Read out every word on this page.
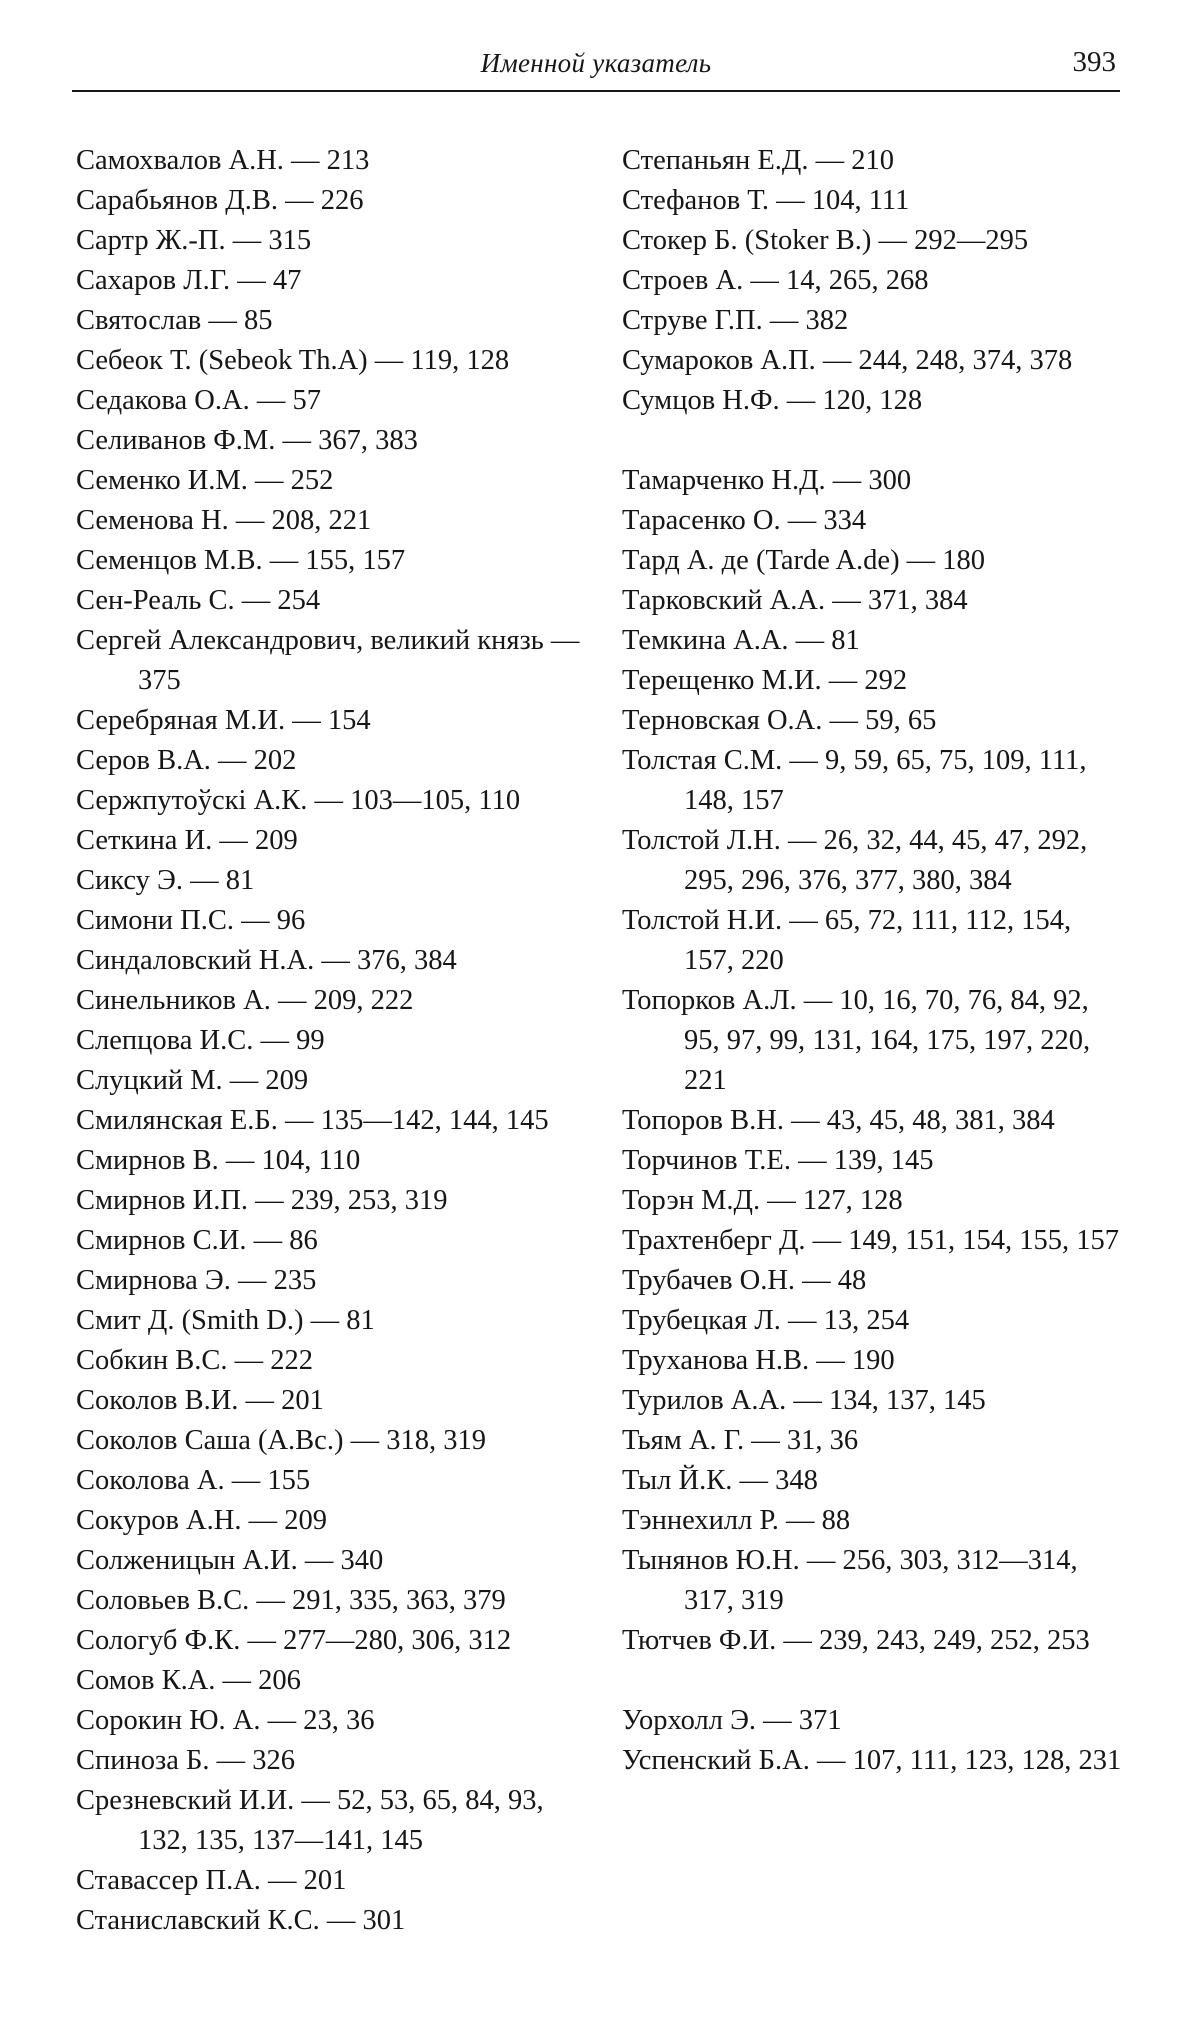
Именной указатель	393
Самохвалов А.Н. — 213
Сарабьянов Д.В. — 226
Сартр Ж.-П. — 315
Сахаров Л.Г. — 47
Святослав — 85
Себеок Т. (Sebeok Th.A) — 119, 128
Седакова О.А. — 57
Селиванов Ф.М. — 367, 383
Семенко И.М. — 252
Семенова Н. — 208, 221
Семенцов М.В. — 155, 157
Сен-Реаль С. — 254
Сергей Александрович, великий князь — 375
Серебряная М.И. — 154
Серов В.А. — 202
Сержпутоўскі А.К. — 103—105, 110
Сеткина И. — 209
Сиксу Э. — 81
Симони П.С. — 96
Синдаловский Н.А. — 376, 384
Синельников А. — 209, 222
Слепцова И.С. — 99
Слуцкий М. — 209
Смилянская Е.Б. — 135—142, 144, 145
Смирнов В. — 104, 110
Смирнов И.П. — 239, 253, 319
Смирнов С.И. — 86
Смирнова Э. — 235
Смит Д. (Smith D.) — 81
Собкин В.С. — 222
Соколов В.И. — 201
Соколов Саша (А.Вс.) — 318, 319
Соколова А. — 155
Сокуров А.Н. — 209
Солженицын А.И. — 340
Соловьев В.С. — 291, 335, 363, 379
Сологуб Ф.К. — 277—280, 306, 312
Сомов К.А. — 206
Сорокин Ю. А. — 23, 36
Спиноза Б. — 326
Срезневский И.И. — 52, 53, 65, 84, 93, 132, 135, 137—141, 145
Ставассер П.А. — 201
Станиславский К.С. — 301
Степаньян Е.Д. — 210
Стефанов Т. — 104, 111
Стокер Б. (Stoker B.) — 292—295
Строев А. — 14, 265, 268
Струве Г.П. — 382
Сумароков А.П. — 244, 248, 374, 378
Сумцов Н.Ф. — 120, 128
Тамарченко Н.Д. — 300
Тарасенко О. — 334
Тард А. де (Tarde A.de) — 180
Тарковский А.А. — 371, 384
Темкина А.А. — 81
Терещенко М.И. — 292
Терновская О.А. — 59, 65
Толстая С.М. — 9, 59, 65, 75, 109, 111, 148, 157
Толстой Л.Н. — 26, 32, 44, 45, 47, 292, 295, 296, 376, 377, 380, 384
Толстой Н.И. — 65, 72, 111, 112, 154, 157, 220
Топорков А.Л. — 10, 16, 70, 76, 84, 92, 95, 97, 99, 131, 164, 175, 197, 220, 221
Топоров В.Н. — 43, 45, 48, 381, 384
Торчинов Т.Е. — 139, 145
Торэн М.Д. — 127, 128
Трахтенберг Д. — 149, 151, 154, 155, 157
Трубачев О.Н. — 48
Трубецкая Л. — 13, 254
Труханова Н.В. — 190
Турилов А.А. — 134, 137, 145
Тьям А. Г. — 31, 36
Тыл Й.К. — 348
Тэннехилл Р. — 88
Тынянов Ю.Н. — 256, 303, 312—314, 317, 319
Тютчев Ф.И. — 239, 243, 249, 252, 253
Уорхолл Э. — 371
Успенский Б.А. — 107, 111, 123, 128, 231
